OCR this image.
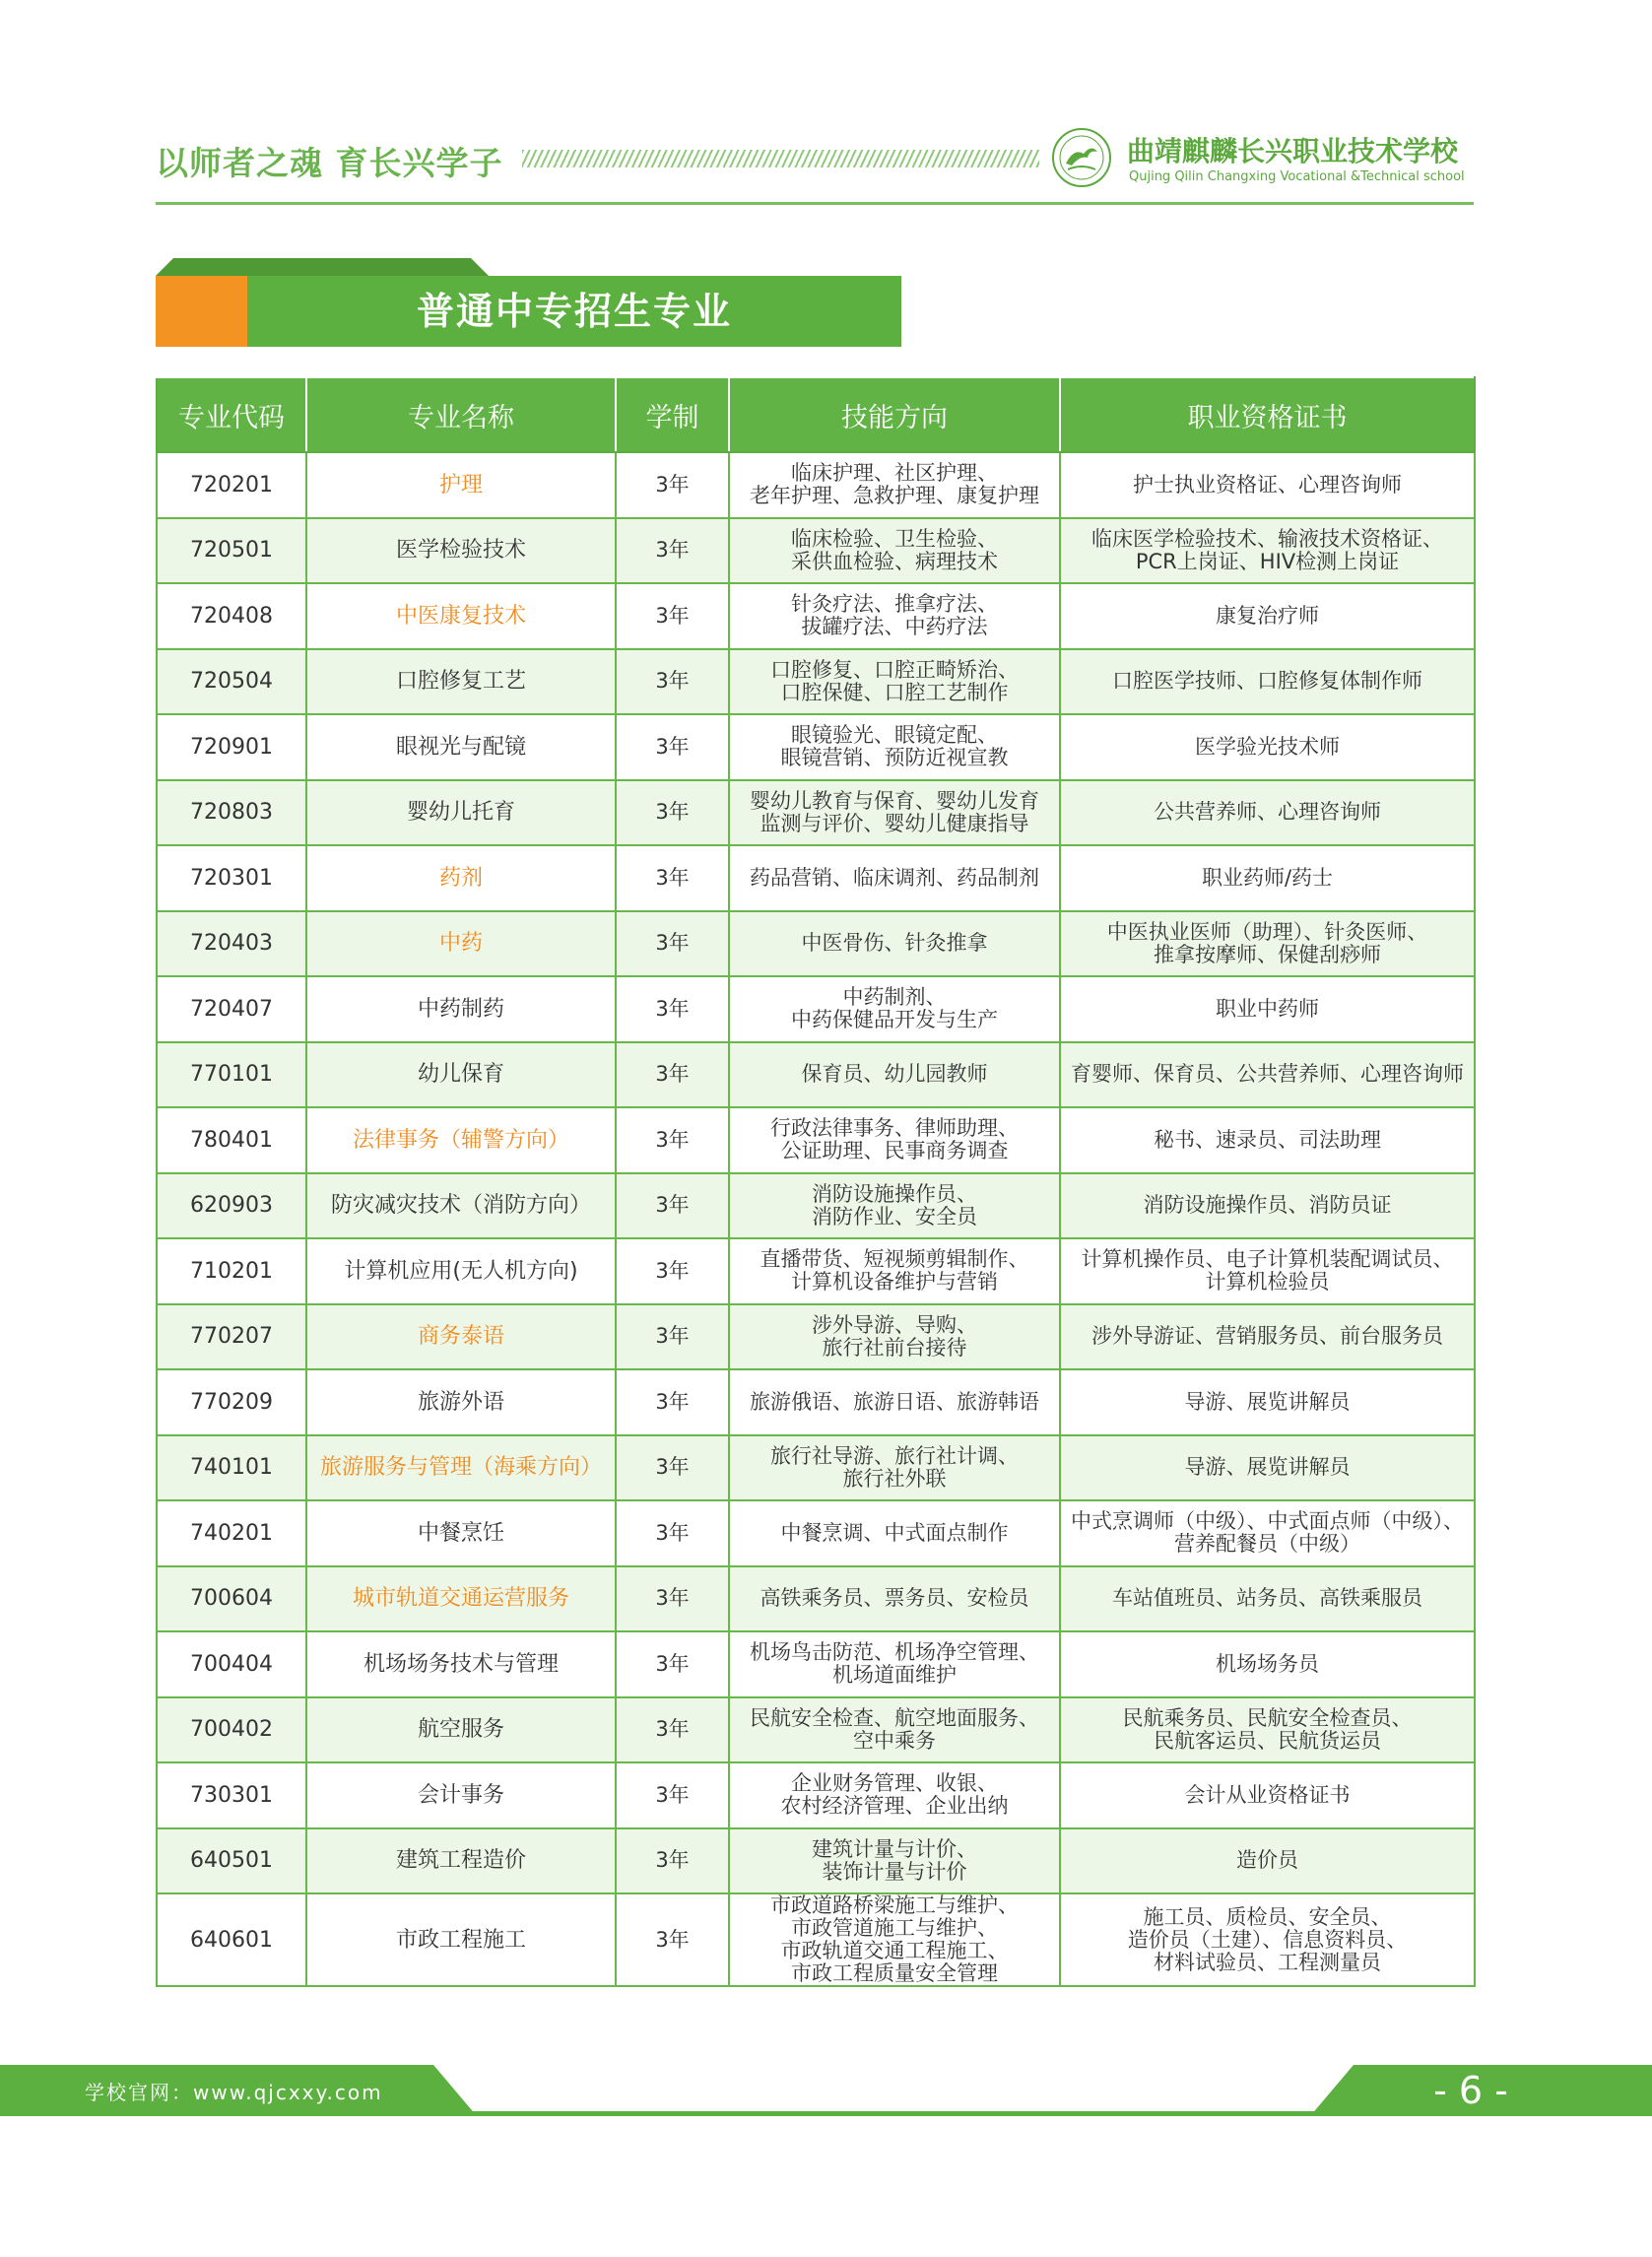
以师者之魂 育长兴学子	曲靖麒麟长兴职业技术学校
Qujing Qilin Changxing Vocational &Technical school
普通中专招生专业
专业代码	专业名称	学制	技能方向	职业资格证书
720201	护理	3年	临床护理、社区护理、
老年护理、急救护理、康复护理	护士执业资格证、心理咨询师
720501	医学检验技术	3年	临床检验、卫生检验、
采供血检验、病理技术	临床医学检验技术、输液技术资格证、
PCR上岗证、HIV检测上岗证
720408	中医康复技术	3年	针灸疗法、推拿疗法、
拔罐疗法、中药疗法	康复治疗师
720504	口腔修复工艺	3年	口腔修复、口腔正畸矫治、
口腔保健、口腔工艺制作	口腔医学技师、口腔修复体制作师
720901	眼视光与配镜	3年	眼镜验光、眼镜定配、
眼镜营销、预防近视宣教	医学验光技术师
720803	婴幼儿托育	3年	婴幼儿教育与保育、婴幼儿发育
监测与评价、婴幼儿健康指导	公共营养师、心理咨询师
720301	药剂	3年	药品营销、临床调剂、药品制剂	职业药师/药士
720403	中药	3年	中医骨伤、针灸推拿	中医执业医师（助理）、针灸医师、
推拿按摩师、保健刮痧师
720407	中药制药	3年	中药制剂、
中药保健品开发与生产	职业中药师
770101	幼儿保育	3年	保育员、幼儿园教师	育婴师、保育员、公共营养师、心理咨询师
780401	法律事务（辅警方向）	3年	行政法律事务、律师助理、
公证助理、民事商务调查	秘书、速录员、司法助理
620903	防灾减灾技术（消防方向）	3年	消防设施操作员、
消防作业、安全员	消防设施操作员、消防员证
710201	计算机应用(无人机方向)	3年	直播带货、短视频剪辑制作、
计算机设备维护与营销	计算机操作员、电子计算机装配调试员、
计算机检验员
770207	商务泰语	3年	涉外导游、导购、
旅行社前台接待	涉外导游证、营销服务员、前台服务员
770209	旅游外语	3年	旅游俄语、旅游日语、旅游韩语	导游、展览讲解员
740101	旅游服务与管理（海乘方向）	3年	旅行社导游、旅行社计调、
旅行社外联	导游、展览讲解员
740201	中餐烹饪	3年	中餐烹调、中式面点制作	中式烹调师（中级）、中式面点师（中级）、
营养配餐员（中级）
700604	城市轨道交通运营服务	3年	高铁乘务员、票务员、安检员	车站值班员、站务员、高铁乘服员
700404	机场场务技术与管理	3年	机场鸟击防范、机场净空管理、
机场道面维护	机场场务员
700402	航空服务	3年	民航安全检查、航空地面服务、
空中乘务	民航乘务员、民航安全检查员、
民航客运员、民航货运员
730301	会计事务	3年	企业财务管理、收银、
农村经济管理、企业出纳	会计从业资格证书
640501	建筑工程造价	3年	建筑计量与计价、
装饰计量与计价	造价员
640601	市政工程施工	3年	市政道路桥梁施工与维护、
市政管道施工与维护、
市政轨道交通工程施工、
市政工程质量安全管理	施工员、质检员、安全员、
造价员（土建）、信息资料员、
材料试验员、工程测量员
学校官网：www.qjcxxy.com	- 6 -
